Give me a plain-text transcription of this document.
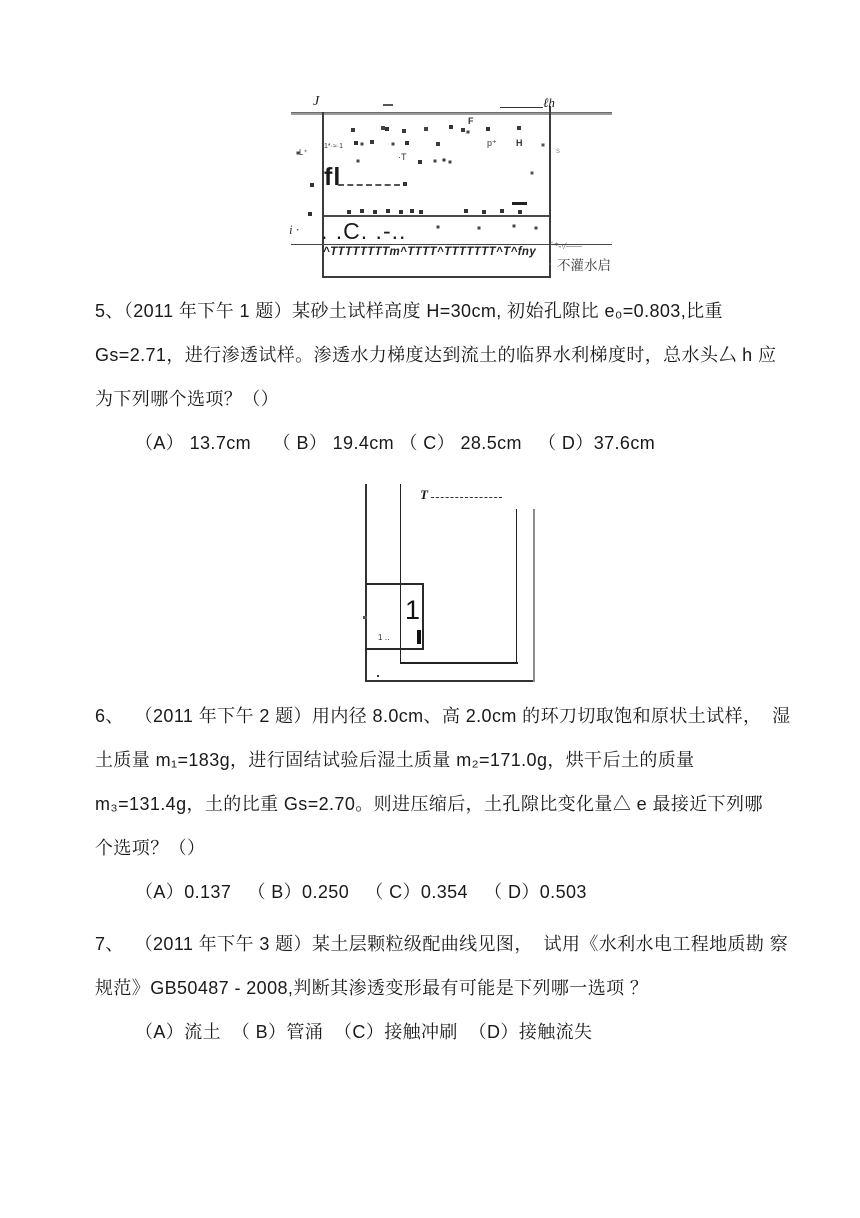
J	ℓh
fl
. .C. .-..
^TTTTTTTTm^TTTT^TTTTTTT^T^fny f *-·/——
不灌水启
F
p⁺ H
·T
L⁺	s
i ·
1*·≈·1
5、（2011 年下午 1 题）某砂土试样高度 H=30cm, 初始孔隙比 e₀=0.803,比重
Gs=2.71，进行渗透试样。渗透水力梯度达到流土的临界水利梯度时，总水头厶 h 应
为下列哪个选项？（）
（A） 13.7cm    （ B） 19.4cm （ C） 28.5cm   （ D）37.6cm
T
1
1 ‥
6、  （2011 年下午 2 题）用内径 8.0cm、高 2.0cm 的环刀切取饱和原状土试样，  湿
土质量 m₁=183g，进行固结试验后湿土质量 m₂=171.0g，烘干后土的质量
m₃=131.4g，土的比重 Gs=2.70。则进压缩后，土孔隙比变化量△ e 最接近下列哪
个选项？（）
（A）0.137   （ B）0.250   （ C）0.354   （ D）0.503
7、  （2011 年下午 3 题）某土层颗粒级配曲线见图，  试用《水利水电工程地质勘 察
规范》GB50487 - 2008,判断其渗透变形最有可能是下列哪一选项 ？
（A）流土  （ B）管涌  （C）接触冲刷  （D）接触流失
